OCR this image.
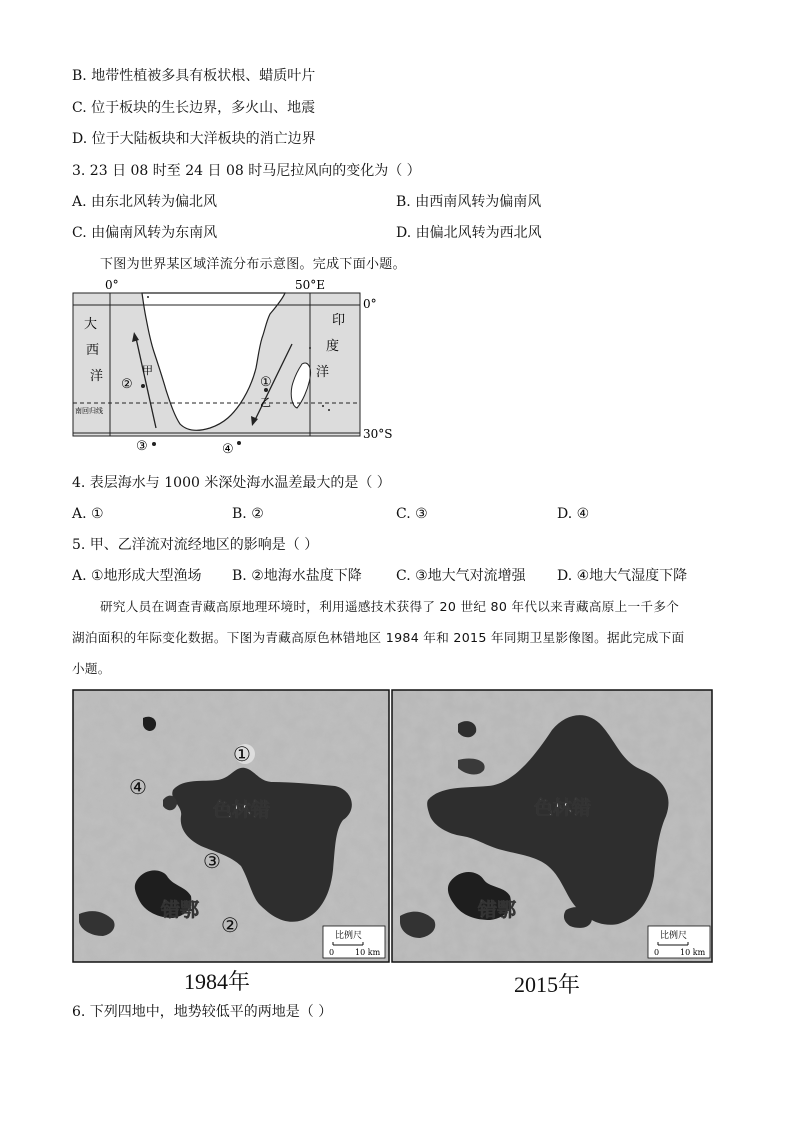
B. 地带性植被多具有板状根、蜡质叶片
C. 位于板块的生长边界，多火山、地震
D. 位于大陆板块和大洋板块的消亡边界
3. 23 日 08 时至 24 日 08 时马尼拉风向的变化为（ ）
A. 由东北风转为偏北风	B. 由西南风转为偏南风
C. 由偏南风转为东南风	D. 由偏北风转为西北风
下图为世界某区域洋流分布示意图。完成下面小题。
0°	50°E
0°
30°S
南回归线
大
西
洋
印
度
洋
甲
乙
①
②
③	④
4. 表层海水与 1000 米深处海水温差最大的是（ ）
A. ①	B. ②	C. ③	D. ④
5. 甲、乙洋流对流经地区的影响是（ ）
A. ①地形成大型渔场 B. ②地海水盐度下降 C. ③地大气对流增强 D. ④地大气湿度下降
研究人员在调查青藏高原地理环境时，利用遥感技术获得了 20 世纪 80 年代以来青藏高原上一千多个
湖泊面积的年际变化数据。下图为青藏高原色林错地区 1984 年和 2015 年同期卫星影像图。据此完成下面
小题。
①
④
③
②
色林错
错鄂
比例尺
0	10 km
色林错
错鄂
比例尺
0	10 km
1984年	2015年
6. 下列四地中，地势较低平的两地是（ ）
